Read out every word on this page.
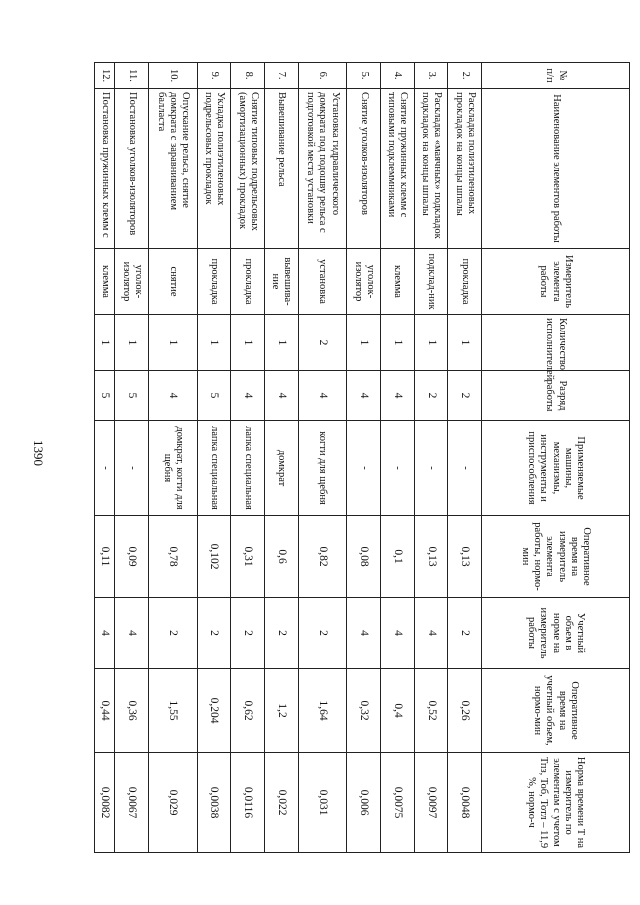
1390
№ п/п	Наименование элементов работы	Измеритель элемента работы	Количество исполнителей	Разряд работы	Применяемые машины, механизмы, инструменты и приспособления	Оперативное время на измеритель элемента работы, нормо-мин	Учетный объем в норме на измеритель работы	Оперативное время на учетный объем, нормо-мин	Норма времени Т на измеритель по элементам с учетом Тпз, Тоб, Тотл – 11,9 %, нормо-ч
2.	Раскладка полиэтиленовых прокладок на концы шпалы	прокладка	1	2	-	0,13	2	0,26	0,0048
3.	Раскладка «маячных» подкладок подкладок на концы шпалы	подклад-ник	1	2	-	0,13	4	0,52	0,0097
4.	Снятие пружинных клемм с типовыми подклеммниками	клемма	1	4	-	0,1	4	0,4	0,0075
5.	Снятие уголков-изоляторов	уголок-изолятор	1	4	-	0,08	4	0,32	0,006
6.	Установка гидравлического домкрата под подошву рельса с подготовкой места установки	установка	2	4	когти для щебня	0,82	2	1,64	0,031
7.	Вывешивание рельса	вывешива-ние	1	4	домкрат	0,6	2	1,2	0,022
8.	Снятие типовых подрельсовых (амортизационных) прокладок	прокладка	1	4	лапка специальная	0,31	2	0,62	0,0116
9.	Укладка полиэтиленовых подрельсовых прокладок	прокладка	1	5	лапка специальная	0,102	2	0,204	0,0038
10.	Опускание рельса, снятие домкрата с заравниванием балласта	снятие	1	4	домкрат, когти для щебня	0,78	2	1,55	0,029
11.	Постановка уголков-изоляторов	уголок-изолятор	1	5	-	0,09	4	0,36	0,0067
12.	Постановка пружинных клемм с	клемма	1	5	-	0,11	4	0,44	0,0082
